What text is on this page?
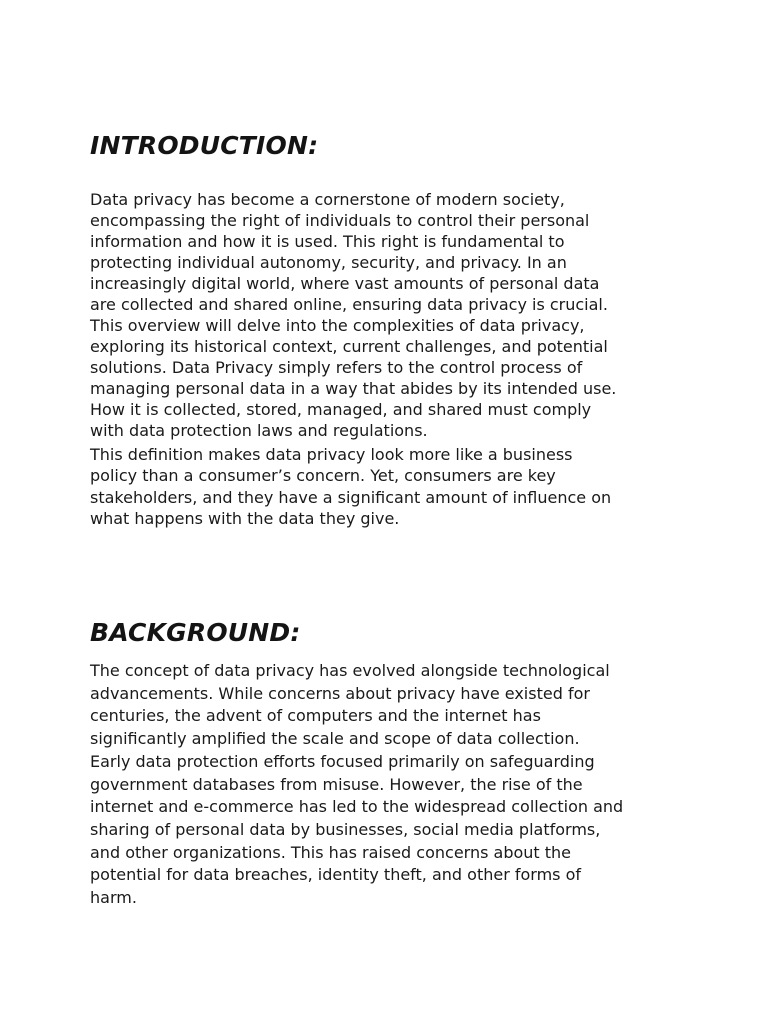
INTRODUCTION:

Data privacy has become a cornerstone of modern society,
encompassing the right of individuals to control their personal
information and how it is used. This right is fundamental to
protecting individual autonomy, security, and privacy. In an
increasingly digital world, where vast amounts of personal data
are collected and shared online, ensuring data privacy is crucial.
This overview will delve into the complexities of data privacy,
exploring its historical context, current challenges, and potential
solutions. Data Privacy simply refers to the control process of
managing personal data in a way that abides by its intended use.
How it is collected, stored, managed, and shared must comply
with data protection laws and regulations.

This definition makes data privacy look more like a business
policy than a consumer’s concern. Yet, consumers are key
stakeholders, and they have a significant amount of influence on
what happens with the data they give.

BACKGROUND:

The concept of data privacy has evolved alongside technological
advancements. While concerns about privacy have existed for
centuries, the advent of computers and the internet has
significantly amplified the scale and scope of data collection.
Early data protection efforts focused primarily on safeguarding
government databases from misuse. However, the rise of the
internet and e-commerce has led to the widespread collection and
sharing of personal data by businesses, social media platforms,
and other organizations. This has raised concerns about the
potential for data breaches, identity theft, and other forms of
harm.
